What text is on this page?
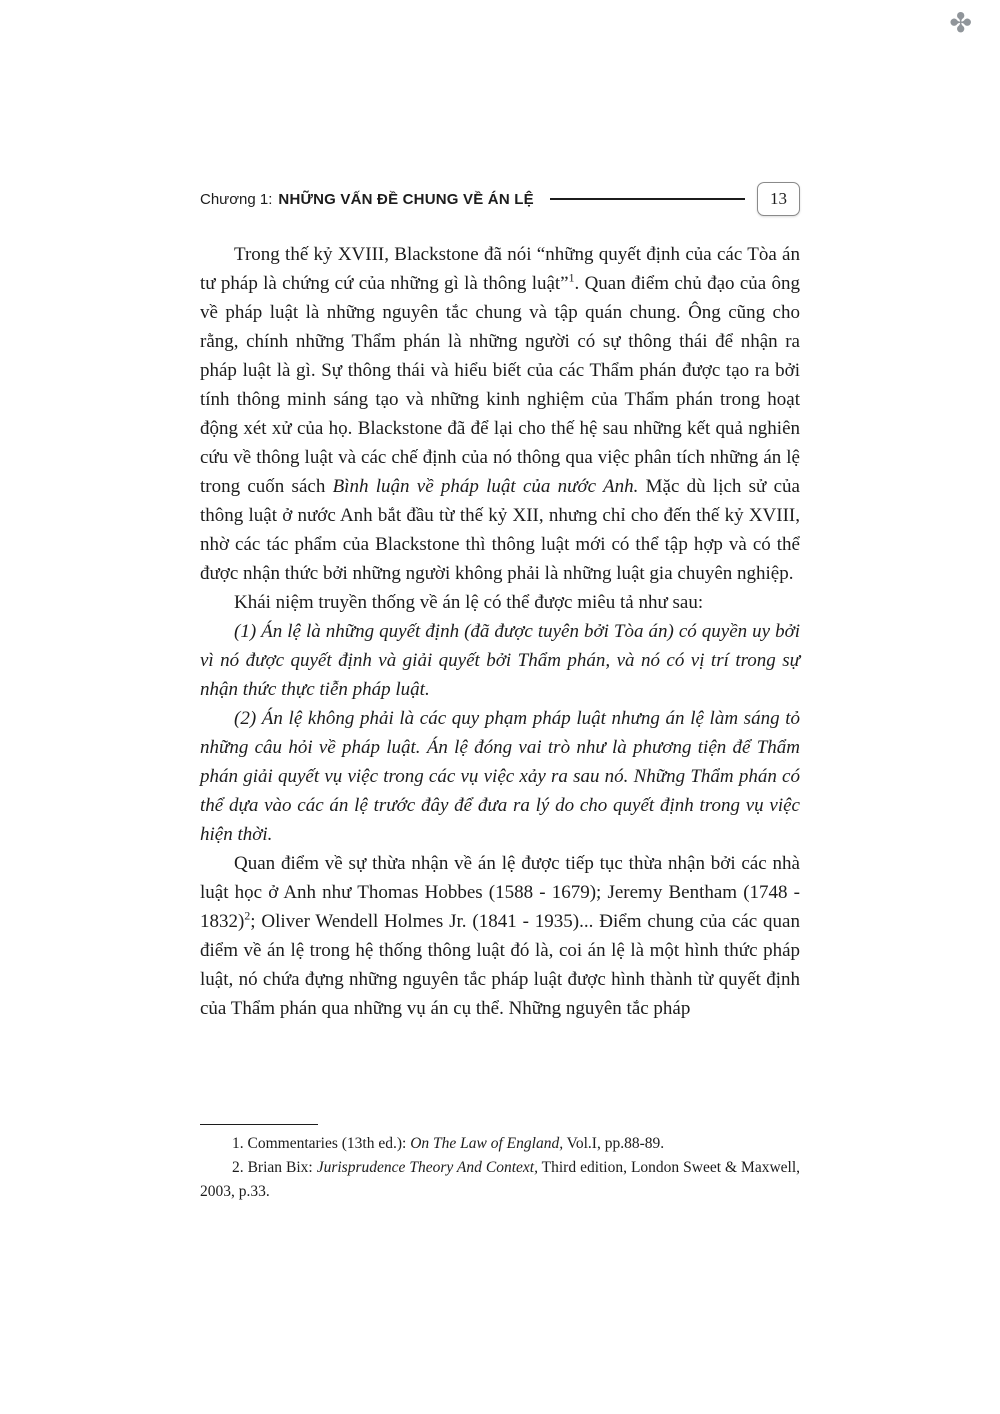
✤
Chương 1: NHỮNG VẤN ĐỀ CHUNG VỀ ÁN LỆ	13

Trong thế kỷ XVIII, Blackstone đã nói “những quyết định của các Tòa án tư pháp là chứng cứ của những gì là thông luật”$^1$. Quan điểm chủ đạo của ông về pháp luật là những nguyên tắc chung và tập quán chung. Ông cũng cho rằng, chính những Thẩm phán là những người có sự thông thái để nhận ra pháp luật là gì. Sự thông thái và hiểu biết của các Thẩm phán được tạo ra bởi tính thông minh sáng tạo và những kinh nghiệm của Thẩm phán trong hoạt động xét xử của họ. Blackstone đã để lại cho thế hệ sau những kết quả nghiên cứu về thông luật và các chế định của nó thông qua việc phân tích những án lệ trong cuốn sách Bình luận về pháp luật của nước Anh. Mặc dù lịch sử của thông luật ở nước Anh bắt đầu từ thế kỷ XII, nhưng chỉ cho đến thế kỷ XVIII, nhờ các tác phẩm của Blackstone thì thông luật mới có thể tập hợp và có thể được nhận thức bởi những người không phải là những luật gia chuyên nghiệp.

Khái niệm truyền thống về án lệ có thể được miêu tả như sau:

(1) Án lệ là những quyết định (đã được tuyên bởi Tòa án) có quyền uy bởi vì nó được quyết định và giải quyết bởi Thẩm phán, và nó có vị trí trong sự nhận thức thực tiễn pháp luật.

(2) Án lệ không phải là các quy phạm pháp luật nhưng án lệ làm sáng tỏ những câu hỏi về pháp luật. Án lệ đóng vai trò như là phương tiện để Thẩm phán giải quyết vụ việc trong các vụ việc xảy ra sau nó. Những Thẩm phán có thể dựa vào các án lệ trước đây để đưa ra lý do cho quyết định trong vụ việc hiện thời.

Quan điểm về sự thừa nhận về án lệ được tiếp tục thừa nhận bởi các nhà luật học ở Anh như Thomas Hobbes (1588 - 1679); Jeremy Bentham (1748 - 1832)$^2$; Oliver Wendell Holmes Jr. (1841 - 1935)... Điểm chung của các quan điểm về án lệ trong hệ thống thông luật đó là, coi án lệ là một hình thức pháp luật, nó chứa đựng những nguyên tắc pháp luật được hình thành từ quyết định của Thẩm phán qua những vụ án cụ thể. Những nguyên tắc pháp

1. Commentaries (13th ed.): On The Law of England, Vol.I, pp.88-89.

2. Brian Bix: Jurisprudence Theory And Context, Third edition, London Sweet & Maxwell, 2003, p.33.
